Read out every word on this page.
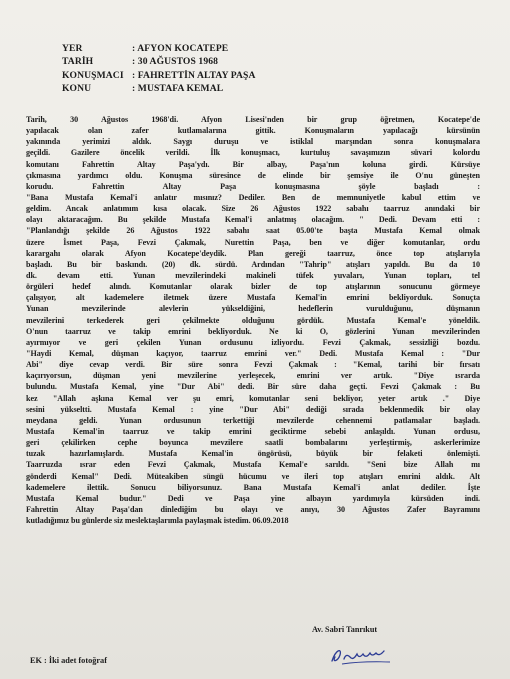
YER	: AFYON KOCATEPE
TARİH	: 30 AĞUSTOS 1968
KONUŞMACI : FAHRETTİN ALTAY PAŞA
KONU	: MUSTAFA KEMAL
Tarih, 30 Ağustos 1968'di. Afyon Lisesi'nden bir grup öğretmen, Kocatepe'de
yapılacak olan zafer kutlamalarına gittik. Konuşmaların yapılacağı kürsünün
yakınında yerimizi aldık. Saygı duruşu ve istiklal marşından sonra konuşmalara
geçildi. Gazilere öncelik verildi. İlk konuşmacı, kurtuluş savaşımızın süvari kolordu
komutanı Fahrettin Altay Paşa'ydı. Bir albay, Paşa'nın koluna girdi. Kürsüye
çıkmasına yardımcı oldu. Konuşma süresince de elinde bir şemsiye ile O'nu güneşten
korudu. Fahrettin Altay Paşa konuşmasına şöyle başladı :
"Bana Mustafa Kemal'i anlatır mısınız? Dediler. Ben de memnuniyetle kabul ettim ve
geldim. Ancak anlatımım kısa olacak. Size 26 Ağustos 1922 sabahı taarruz anındaki bir
olayı aktaracağım. Bu şekilde Mustafa Kemal'i anlatmış olacağım. " Dedi. Devam etti :
"Planlandığı şekilde 26 Ağustos 1922 sabahı saat 05.00'te başta Mustafa Kemal olmak
üzere İsmet Paşa, Fevzi Çakmak, Nurettin Paşa, ben ve diğer komutanlar, ordu
karargahı olarak Afyon Kocatepe'deydik. Plan gereği taarruz, önce top atışlarıyla
başladı. Bu bir baskındı. (20) dk. sürdü. Ardından "Tahrip" atışları yapıldı. Bu da 10
dk. devam etti. Yunan mevzilerindeki makineli tüfek yuvaları, Yunan topları, tel
örgüleri hedef alındı. Komutanlar olarak bizler de top atışlarının sonucunu görmeye
çalışıyor, alt kademelere iletmek üzere Mustafa Kemal'in emrini bekliyorduk. Sonuçta
Yunan mevzilerinde alevlerin yükseldiğini, hedeflerin vurulduğunu, düşmanın
mevzilerini terkederek geri çekilmekte olduğunu gördük. Mustafa Kemal'e yöneldik.
O'nun taarruz ve takip emrini bekliyorduk. Ne ki O, gözlerini Yunan mevzilerinden
ayırmıyor ve geri çekilen Yunan ordusunu izliyordu. Fevzi Çakmak, sessizliği bozdu.
"Haydi Kemal, düşman kaçıyor, taarruz emrini ver." Dedi. Mustafa Kemal : "Dur
Abi" diye cevap verdi. Bir süre sonra Fevzi Çakmak : "Kemal, tarihi bir fırsatı
kaçırıyorsun, düşman yeni mevzilerine yerleşecek, emrini ver artık. "Diye ısrarda
bulundu. Mustafa Kemal, yine "Dur Abi" dedi. Bir süre daha geçti. Fevzi Çakmak : Bu
kez "Allah aşkına Kemal ver şu emri, komutanlar seni bekliyor, yeter artık ." Diye
sesini yükseltti. Mustafa Kemal : yine "Dur Abi" dediği sırada beklenmedik bir olay
meydana geldi. Yunan ordusunun terkettiği mevzilerde cehennemi patlamalar başladı.
Mustafa Kemal'in taarruz ve takip emrini geciktirme sebebi anlaşıldı. Yunan ordusu,
geri çekilirken cephe boyunca mevzilere saatli bombalarını yerleştirmiş, askerlerimize
tuzak hazırlamışlardı. Mustafa Kemal'in öngörüsü, büyük bir felaketi önlemişti.
Taarruzda ısrar eden Fevzi Çakmak, Mustafa Kemal'e sarıldı. "Seni bize Allah mı
gönderdi Kemal" Dedi. Müteakiben süngü hücumu ve ileri top atışları emrini aldık. Alt
kademelere ilettik. Sonucu biliyorsunuz. Bana Mustafa Kemal'i anlat dediler. İşte
Mustafa Kemal budur." Dedi ve Paşa yine albayın yardımıyla kürsüden indi.
Fahrettin Altay Paşa'dan dinlediğim bu olayı ve anıyı, 30 Ağustos Zafer Bayramını
kutladığımız bu günlerde siz meslektaşlarımla paylaşmak istedim. 06.09.2018
Av. Sabri Tanrıkut
EK : İki adet fotoğraf
